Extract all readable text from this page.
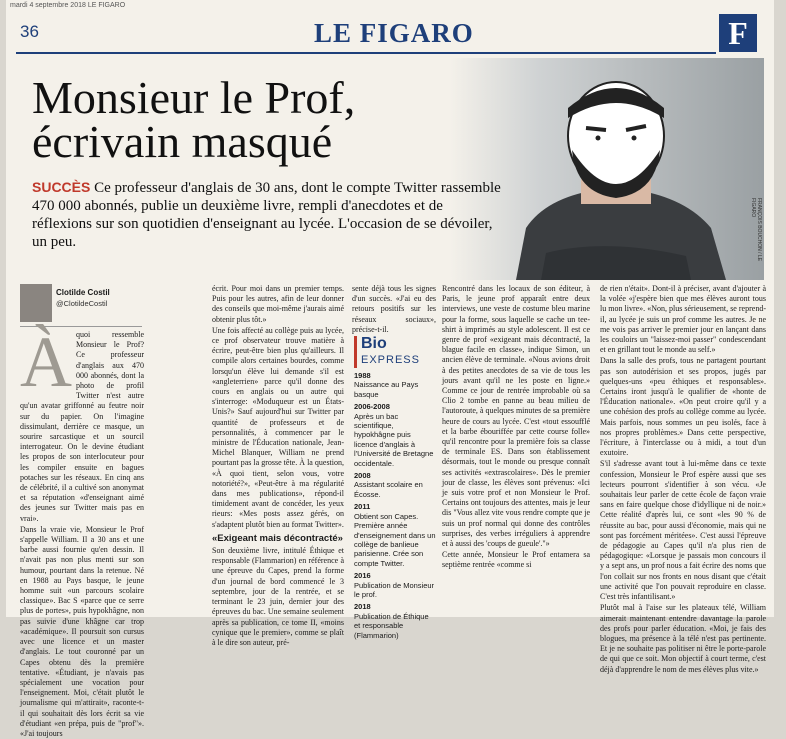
mardi 4 septembre 2018 LE FIGARO
36	LE FIGARO	F
Monsieur le Prof,
écrivain masqué
SUCCÈS Ce professeur d'anglais de 30 ans, dont le compte Twitter rassemble 470 000 abonnés, publie un deuxième livre, rempli d'anecdotes et de réflexions sur son quotidien d'enseignant au lycée. L'occasion de se dévoiler, un peu.	FRANÇOIS BOUCHON / LE FIGARO
Clotilde Costil
@ClotildeCostil
À quoi ressemble Monsieur le Prof? Ce professeur d'anglais aux 470 000 abonnés, dont la photo de profil Twitter n'est autre qu'un avatar griffonné au feutre noir sur du papier. On l'imagine dissimulant, derrière ce masque, un sourire sarcastique et un sourcil interrogateur. On le devine étudiant les propos de son interlocuteur pour les compiler ensuite en bagues potaches sur les réseaux. En cinq ans de célébrité, il a cultivé son anonymat et sa réputation «d'enseignant aimé des jeunes sur Twitter mais pas en vrai».

Dans la vraie vie, Monsieur le Prof s'appelle William. Il a 30 ans et une barbe aussi fournie qu'en dessin. Il n'avait pas non plus menti sur son humour, pourtant dans la retenue. Né en 1988 au Pays basque, le jeune homme suit «un parcours scolaire classique». Bac S «parce que ce serre plus de portes», puis hypokhâgne, non pas suivie d'une khâgne car trop «académique». Il poursuit son cursus avec une licence et un master d'anglais. Le tout couronné par un Capes obtenu dès la première tentative. «Étudiant, je n'avais pas spécialement une vocation pour l'enseignement. Moi, c'était plutôt le journalisme qui m'attirait», raconte-t-il qui souhaitait dès lors écrit sa vie d'étudiant «en prépa, puis de "prof"». «J'ai toujours

écrit. Pour moi dans un premier temps. Puis pour les autres, afin de leur donner des conseils que moi-même j'aurais aimé obtenir plus tôt.»

Une fois affecté au collège puis au lycée, ce prof observateur trouve matière à écrire, peut-être bien plus qu'ailleurs. Il compile alors certaines bourdes, comme lorsqu'un élève lui demande s'il est «angleterrien» parce qu'il donne des cours en anglais ou un autre qui s'interroge: «Moduqueur est un États-Unis?» Sauf aujourd'hui sur Twitter par quantité de professeurs et de personnalités, à commencer par le ministre de l'Éducation nationale, Jean-Michel Blanquer, William ne prend pourtant pas la grosse tête. À la question, «À quoi tient, selon vous, votre notoriété?», «Peut-être à ma régularité dans mes publications», répond-il timidement avant de concéder, les yeux rieurs: «Mes posts assez gérés, on s'adaptent plutôt bien au format Twitter».

«Exigeant mais décontracté»

Son deuxième livre, intitulé Éthique et responsable (Flammarion) en référence à une épreuve du Capes, prend la forme d'un journal de bord commencé le 3 septembre, jour de la rentrée, et se terminant le 23 juin, dernier jour des épreuves du bac. Une semaine seulement après sa publication, ce tome II, «moins cynique que le premier», comme se plaît à le dire son auteur, pré-

sente déjà tous les signes d'un succès. «J'ai eu des retours positifs sur les réseaux sociaux», précise-t-il.

Bio
EXPRESS
1988
Naissance au Pays basque
2006-2008
Après un bac scientifique, hypokhâgne puis licence d'anglais à l'Université de Bretagne occidentale.
2008
Assistant scolaire en Écosse.
2011
Obtient son Capes. Première année d'enseignement dans un collège de banlieue parisienne. Crée son compte Twitter.
2016
Publication de Monsieur le prof.
2018
Publication de Éthique et responsable (Flammarion)

Rencontré dans les locaux de son éditeur, à Paris, le jeune prof apparaît entre deux interviews, une veste de costume bleu marine pour la forme, sous laquelle se cache un tee-shirt à imprimés au style adolescent. Il est ce genre de prof «exigeant mais décontracté, la blague facile en classe», indique Simon, un ancien élève de terminale. «Nous avions droit à des petites anecdotes de sa vie de tous les jours avant qu'il ne les poste en ligne.» Comme ce jour de rentrée improbable où sa Clio 2 tombe en panne au beau milieu de l'autoroute, à quelques minutes de sa première heure de cours au lycée. C'est «tout essoufflé et la barbe ébouriffée par cette course folle» qu'il rencontre pour la première fois sa classe de terminale ES. Dans son établissement désormais, tout le monde ou presque connaît ses activités «extrascolaires». Dès le premier jour de classe, les élèves sont prévenus: «Ici je suis votre prof et non Monsieur le Prof. Certains ont toujours des attentes, mais je leur dis "Vous allez vite vous rendre compte que je suis un prof normal qui donne des contrôles surprises, des verbes irréguliers à apprendre et à aussi des 'coups de gueule'."»

Cette année, Monsieur le Prof entamera sa septième rentrée «comme si

de rien n'était». Dont-il à préciser, avant d'ajouter à la volée «j'espère bien que mes élèves auront tous lu mon livre». «Non, plus sérieusement, se reprend-il, au lycée je suis un prof comme les autres. Je ne me vois pas arriver le premier jour en lançant dans les couloirs un "laissez-moi passer" condescendant et en grillant tout le monde au self.»

Dans la salle des profs, tous ne partagent pourtant pas son autodérision et ses propos, jugés par quelques-uns «peu éthiques et responsables». Certains iront jusqu'à le qualifier de «honte de l'Éducation nationale». «On peut croire qu'il y a une cohésion des profs au collège comme au lycée. Mais parfois, nous sommes un peu isolés, face à nos propres problèmes.» Dans cette perspective, l'écriture, à l'interclasse ou à midi, a tout d'un exutoire.

S'il s'adresse avant tout à lui-même dans ce texte confession, Monsieur le Prof espère aussi que ses lecteurs pourront s'identifier à son vécu. «Je souhaitais leur parler de cette école de façon vraie sans en faire quelque chose d'idyllique ni de noir.» Cette réalité d'après lui, ce sont «les 90 % de réussite au bac, pour aussi d'économie, mais qui ne sont pas forcément méritées». C'est aussi l'épreuve de pédagogie au Capes qu'il n'a plus rien de pédagogique: «Lorsque je passais mon concours il y a sept ans, un prof nous a fait écrire des noms que l'on collait sur nos fronts en nous disant que c'était une activité que l'on pouvait reproduire en classe. C'est très infantilisant.»

Plutôt mal à l'aise sur les plateaux télé, William aimerait maintenant entendre davantage la parole des profs pour parler éducation. «Moi, je fais des blogues, ma présence à la télé n'est pas pertinente. Et je ne souhaite pas politiser ni être le porte-parole de qui que ce soit. Mon objectif à court terme, c'est déjà d'apprendre le nom de mes élèves plus vite.»
